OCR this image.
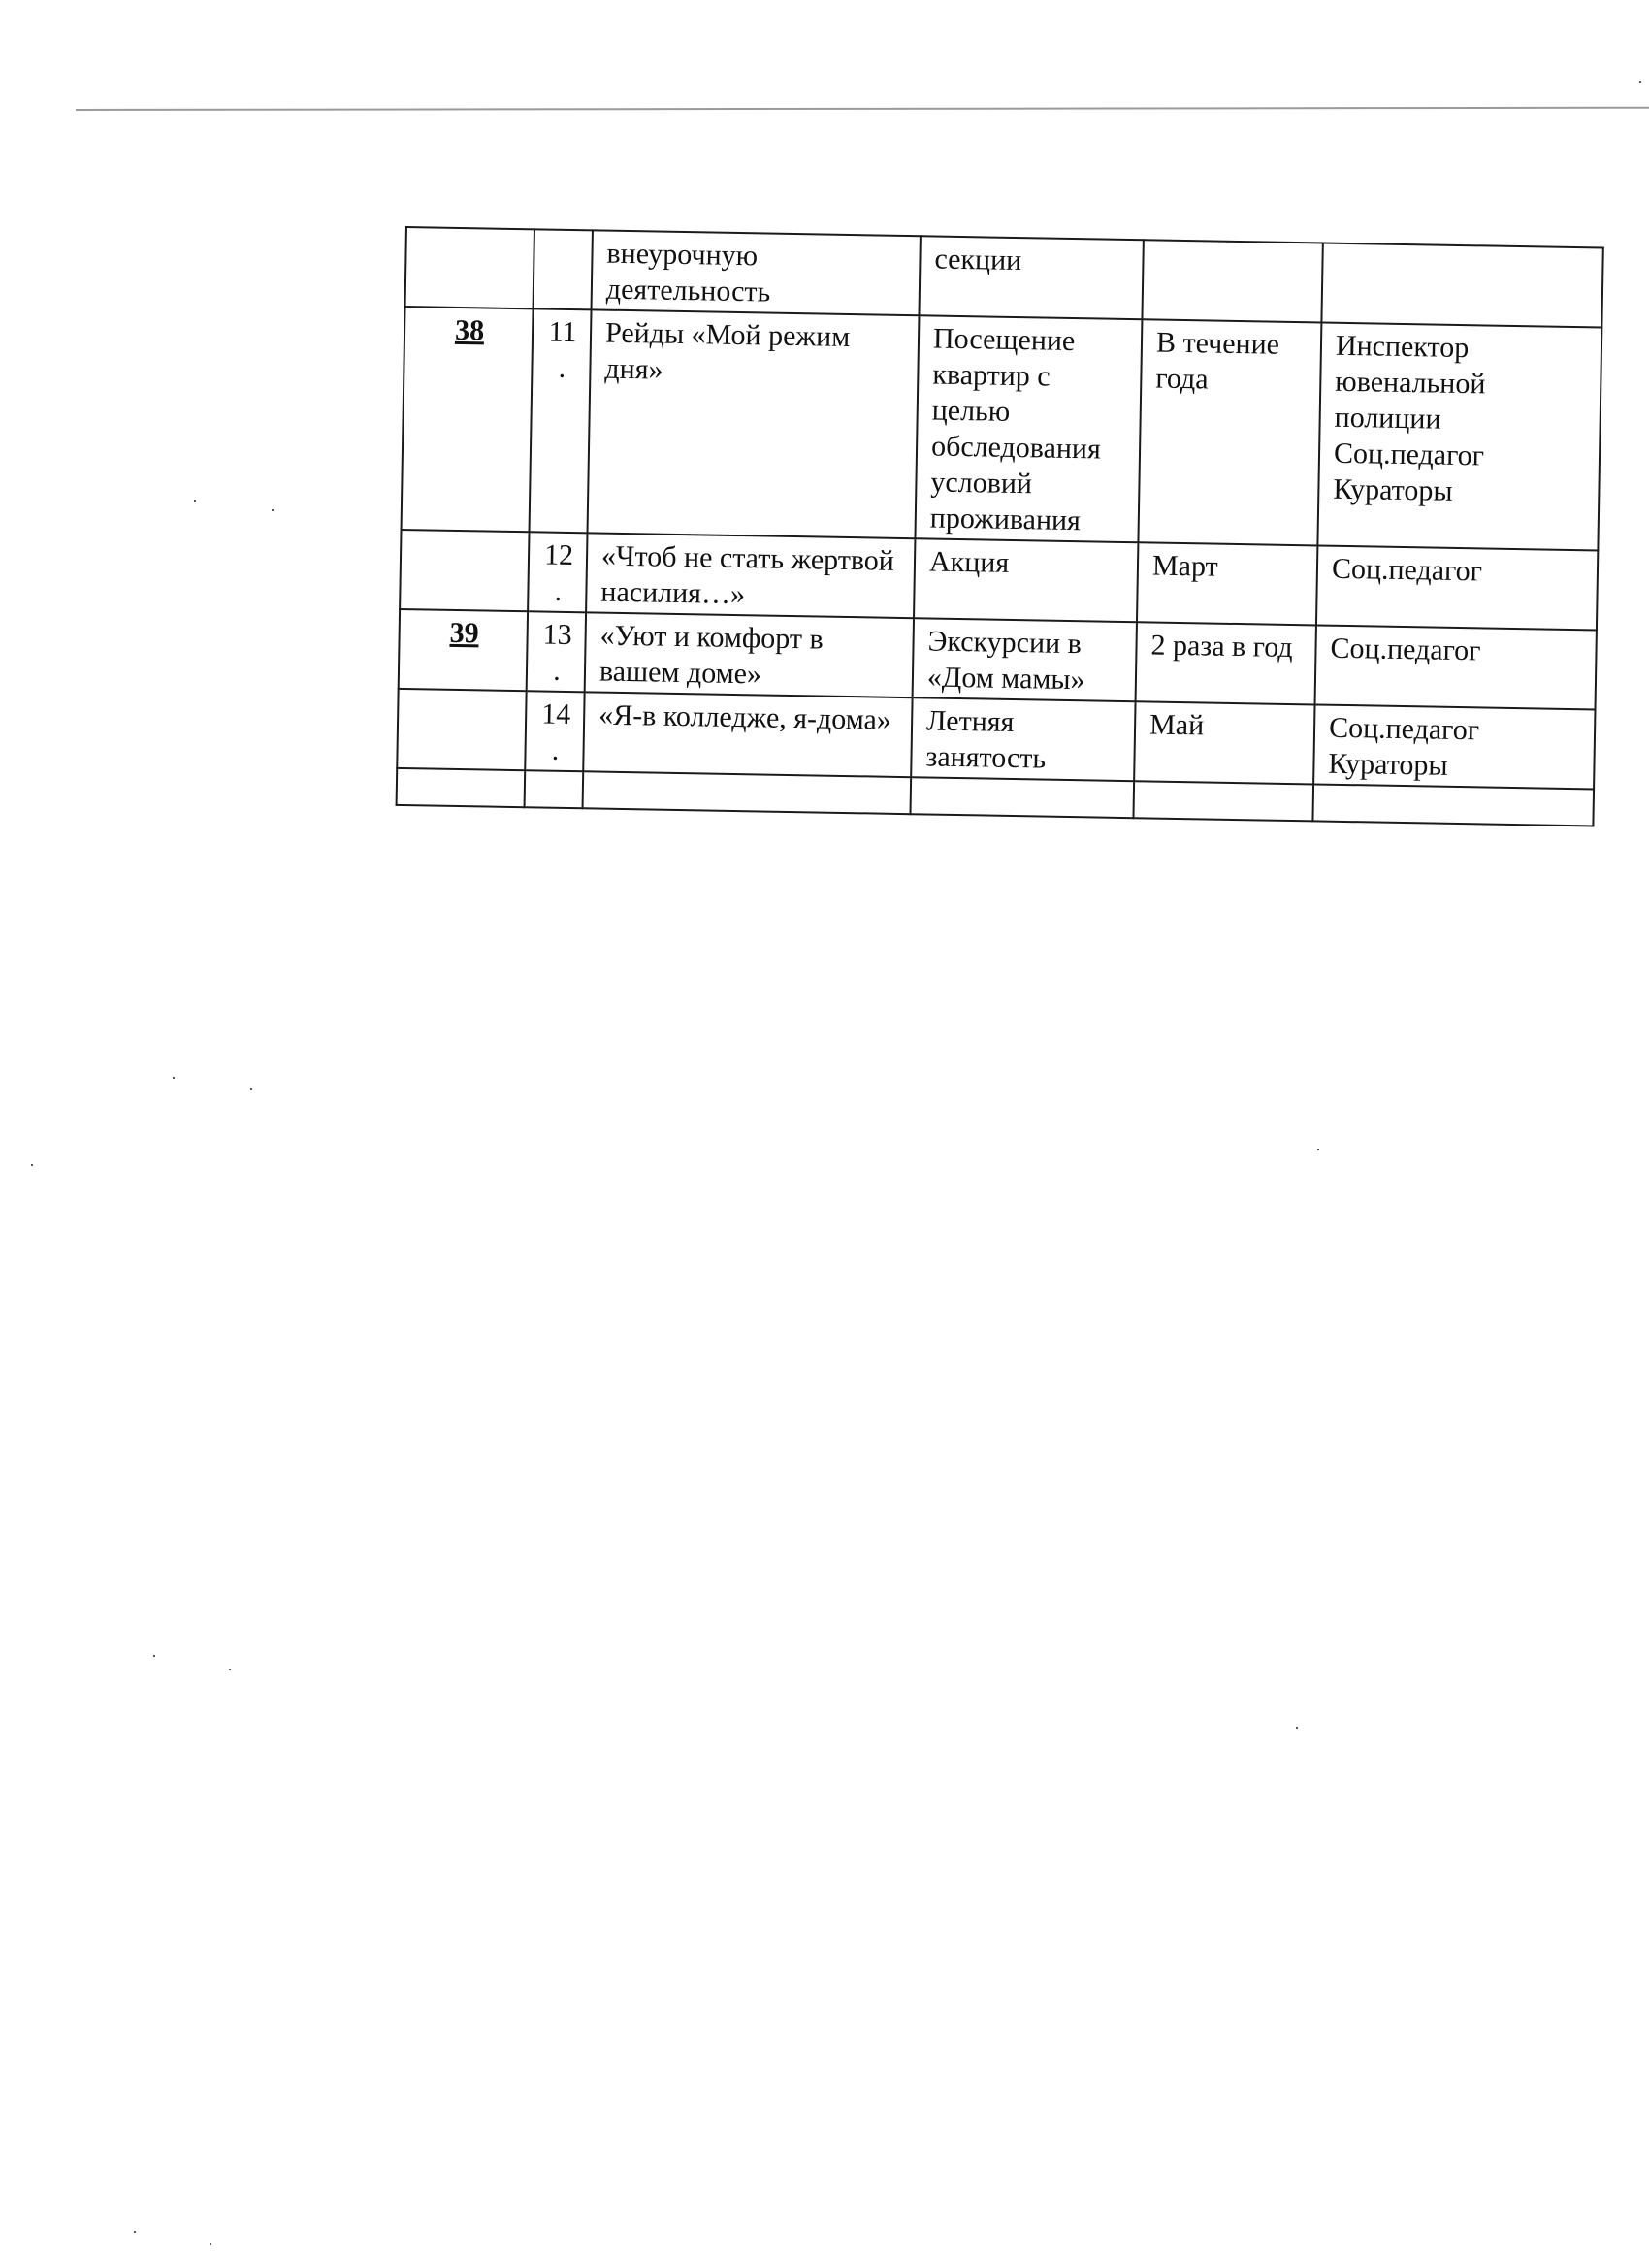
		внеурочную деятельность	секции		
38	11.	Рейды «Мой режим дня»	Посещение квартир с целью обследования условий проживания	В течение года	Инспектор ювенальной полиции Соц.педагог Кураторы
	12.	«Чтоб не стать жертвой насилия…»	Акция	Март	Соц.педагог
39	13.	«Уют и комфорт в вашем доме»	Экскурсии в «Дом мамы»	2 раза в год	Соц.педагог
	14.	«Я-в колледже, я-дома»	Летняя занятость	Май	Соц.педагог Кураторы
